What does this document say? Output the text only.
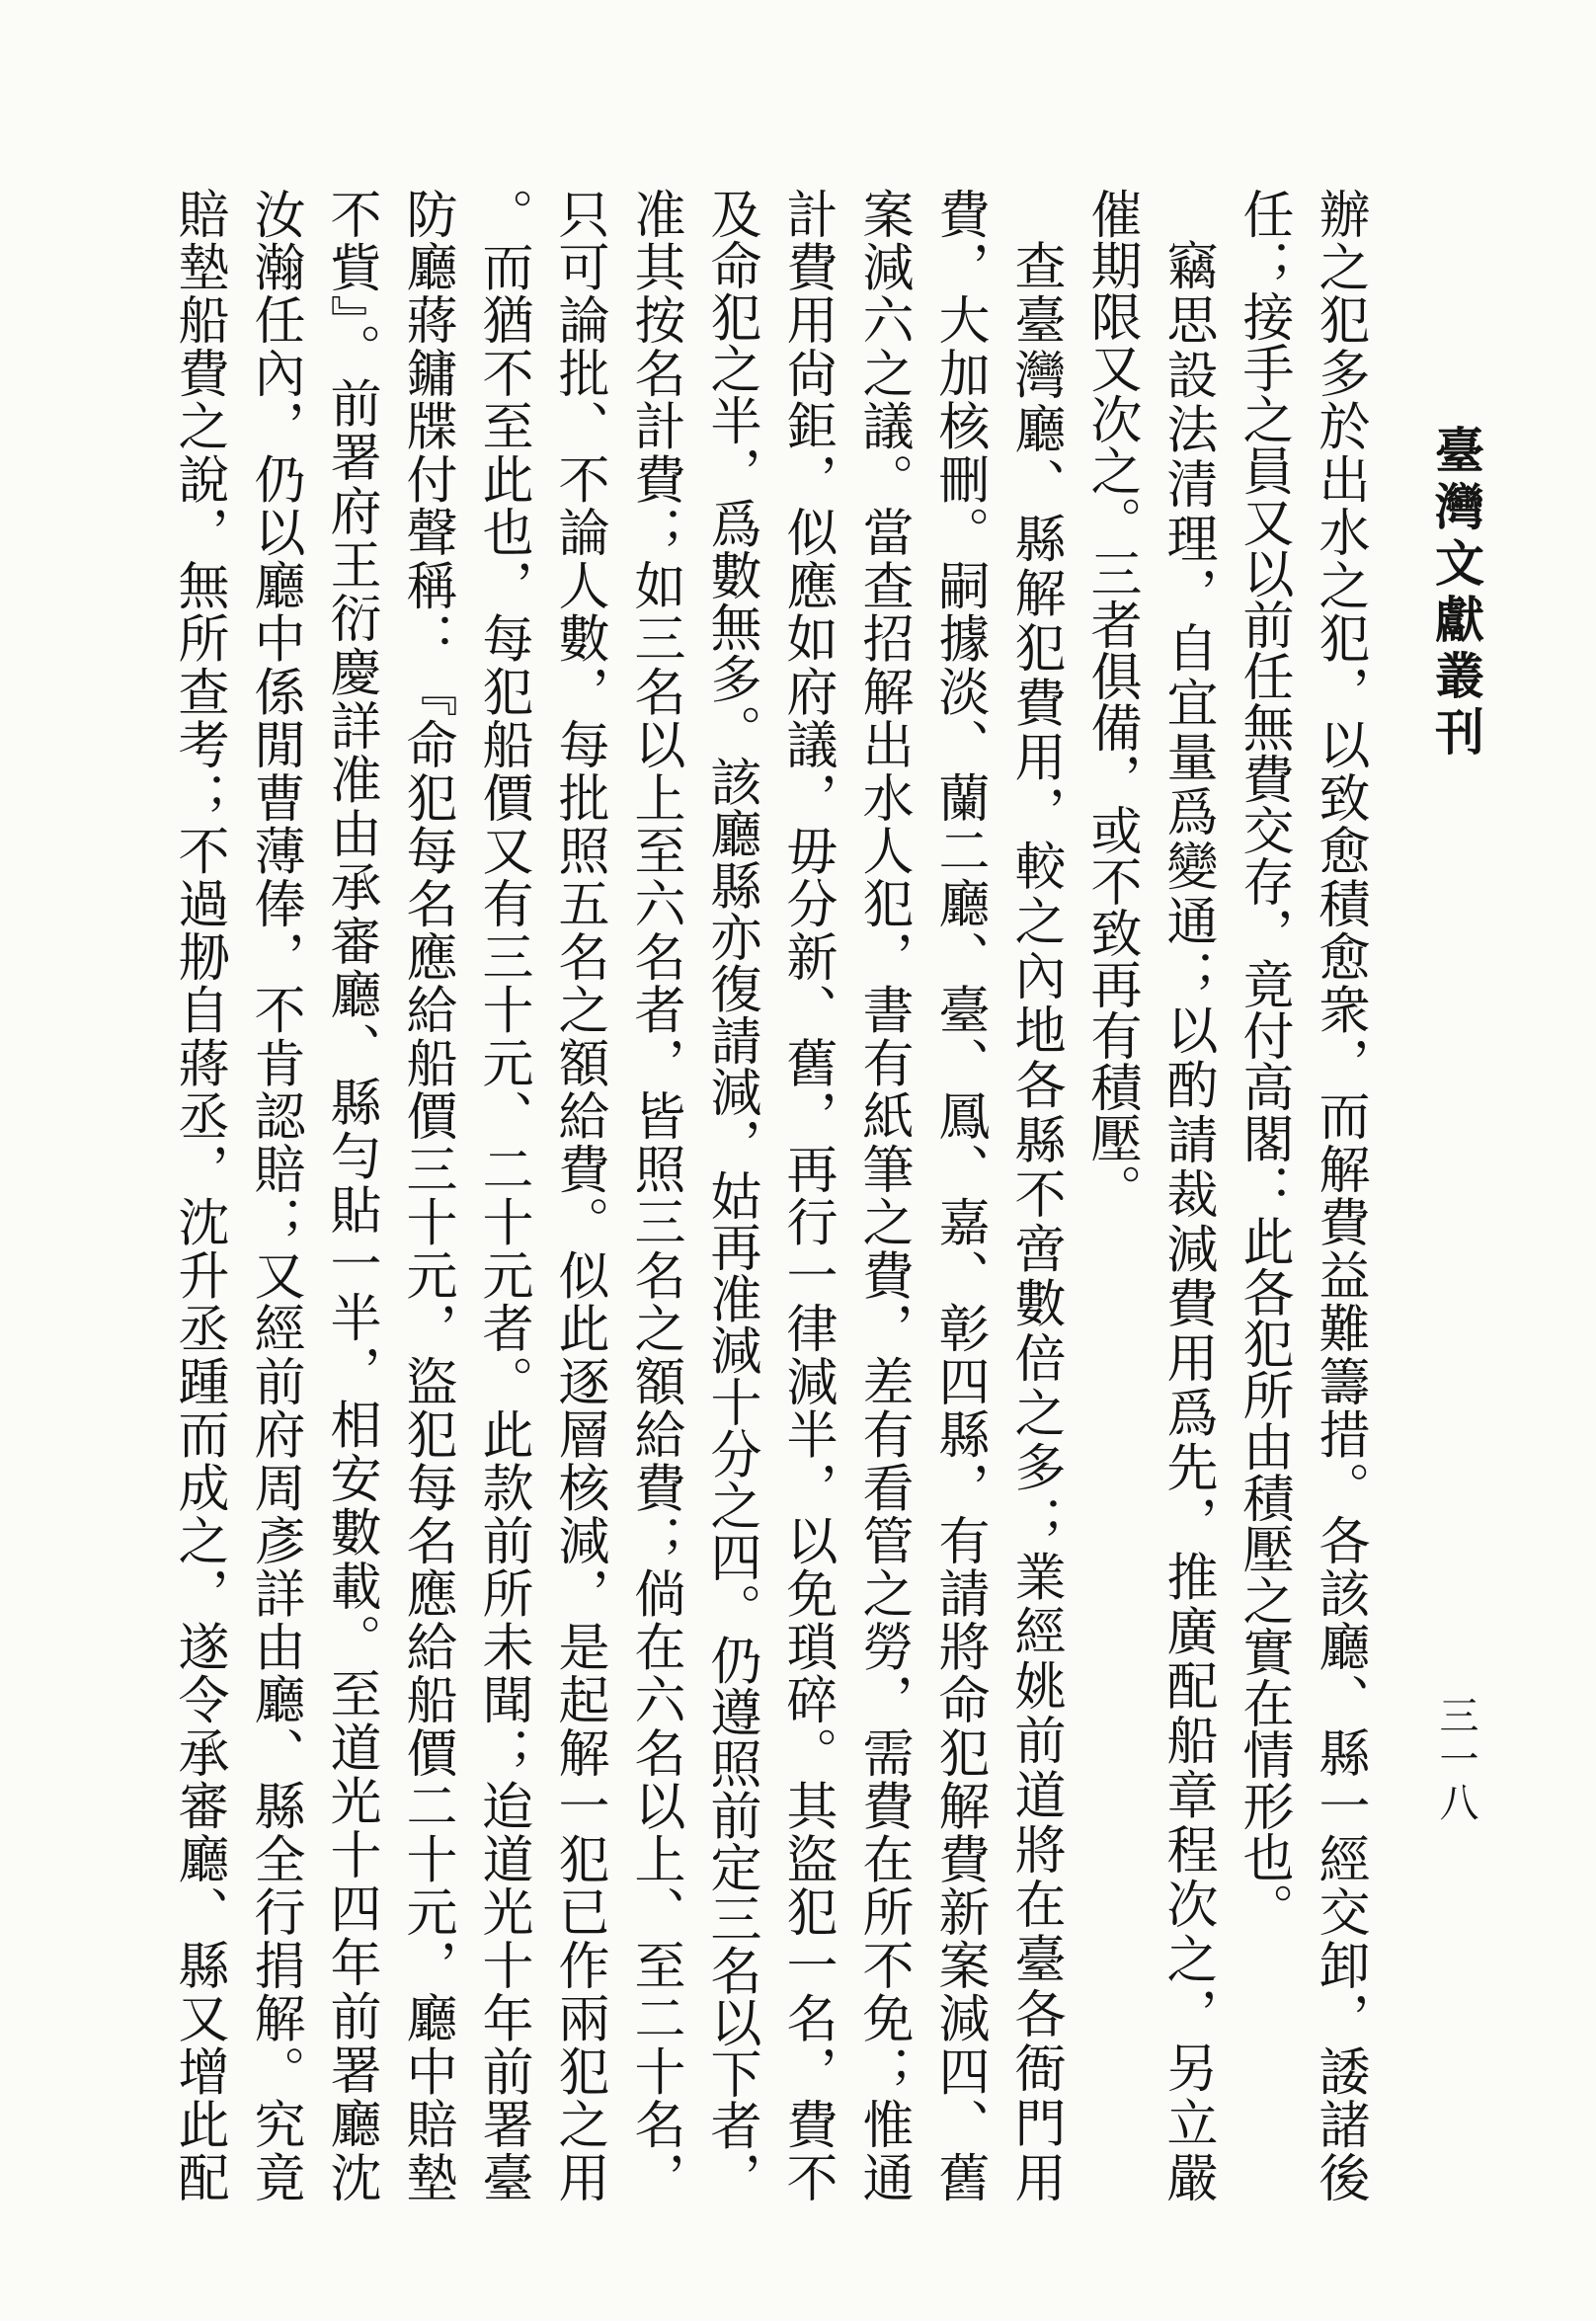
臺灣文獻叢刊
三一八
辦之犯多於出水之犯，以致愈積愈衆，而解費益難籌措。各該廳、縣一經交卸，諉諸後
任；接手之員又以前任無費交存，竟付高閣：此各犯所由積壓之實在情形也。
竊思設法清理，自宜量爲變通；以酌請裁減費用爲先，推廣配船章程次之，另立嚴
催期限又次之。三者俱備，或不致再有積壓。
查臺灣廳、縣解犯費用，較之內地各縣不啻數倍之多；業經姚前道將在臺各衙門用
費，大加核刪。嗣據淡、蘭二廳、臺、鳳、嘉、彰四縣，有請將命犯解費新案減四、舊
案減六之議。當查招解出水人犯，書有紙筆之費，差有看管之勞，需費在所不免；惟通
計費用尙鉅，似應如府議，毋分新、舊，再行一律減半，以免瑣碎。其盜犯一名，費不
及命犯之半，爲數無多。該廳縣亦復請減，姑再准減十分之四。仍遵照前定三名以下者，
准其按名計費；如三名以上至六名者，皆照三名之額給費；倘在六名以上、至二十名，
只可論批、不論人數，每批照五名之額給費。似此逐層核減，是起解一犯已作兩犯之用
。而猶不至此也，每犯船價又有三十元、二十元者。此款前所未聞；迨道光十年前署臺
防廳蔣鏞牒付聲稱：『命犯每名應給船價三十元，盜犯每名應給船價二十元，廳中賠墊
不貲』。前署府王衍慶詳准由承審廳、縣勻貼一半，相安數載。至道光十四年前署廳沈
汝瀚任內，仍以廳中係閒曹薄俸，不肯認賠；又經前府周彥詳由廳、縣全行捐解。究竟
賠墊船費之說，無所查考；不過刱自蔣丞，沈升丞踵而成之，遂令承審廳、縣又增此配
